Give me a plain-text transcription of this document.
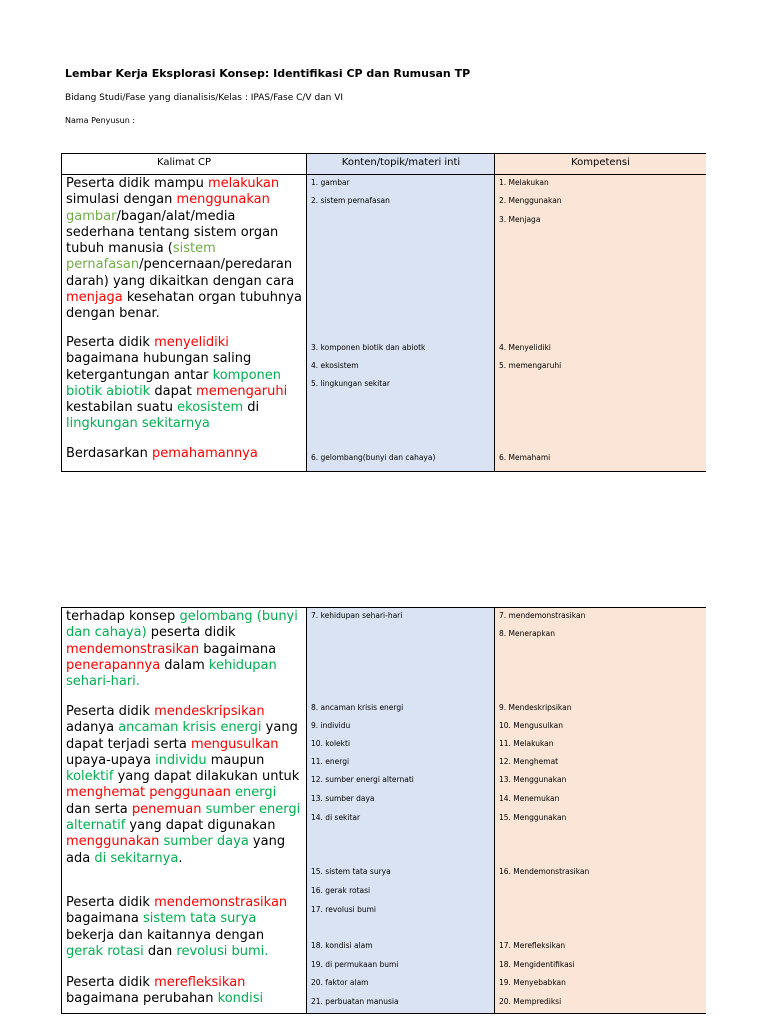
Lembar Kerja Eksplorasi Konsep: Identifikasi CP dan Rumusan TP
Bidang Studi/Fase yang dianalisis/Kelas : IPAS/Fase C/V dan VI
Nama Penyusun :
Kalimat CP
Peserta didik mampu melakukan simulasi dengan menggunakan gambar/bagan/alat/media sederhana tentang sistem organ tubuh manusia (sistem pernafasan/pencernaan/peredaran darah) yang dikaitkan dengan cara menjaga kesehatan organ tubuhnya dengan benar.
Peserta didik menyelidiki bagaimana hubungan saling ketergantungan antar komponen biotik abiotik dapat memengaruhi kestabilan suatu ekosistem di lingkungan sekitarnya
Berdasarkan pemahamannya
Konten/topik/materi inti
1. gambar
2. sistem pernafasan
3. komponen biotik dan abiotk
4. ekosistem
5. lingkungan sekitar
6. gelombang(bunyi dan cahaya)
Kompetensi
1. Melakukan
2. Menggunakan
3. Menjaga
4. Menyelidiki
5. memengaruhi
6. Memahami
terhadap konsep gelombang (bunyi dan cahaya) peserta didik mendemonstrasikan bagaimana penerapannya dalam kehidupan sehari-hari.
Peserta didik mendeskripsikan adanya ancaman krisis energi yang dapat terjadi serta mengusulkan upaya-upaya individu maupun kolektif yang dapat dilakukan untuk menghemat penggunaan energi dan serta penemuan sumber energi alternatif yang dapat digunakan menggunakan sumber daya yang ada di sekitarnya.
Peserta didik mendemonstrasikan bagaimana sistem tata surya bekerja dan kaitannya dengan gerak rotasi dan revolusi bumi.
Peserta didik merefleksikan bagaimana perubahan kondisi
7. kehidupan sehari-hari
8. ancaman krisis energi
9. individu
10. kolekti
11. energi
12. sumber energi alternati
13. sumber daya
14. di sekitar
15. sistem tata surya
16. gerak rotasi
17. revolusi bumi
18. kondisi alam
19. di permukaan bumi
20. faktor alam
21. perbuatan manusia
7. mendemonstrasikan
8. Menerapkan
9. Mendeskripsikan
10. Mengusulkan
11. Melakukan
12. Menghemat
13. Menggunakan
14. Menemukan
15. Menggunakan
16. Mendemonstrasikan
17. Merefleksikan
18. Mengidentifikasi
19. Menyebabkan
20. Memprediksi
